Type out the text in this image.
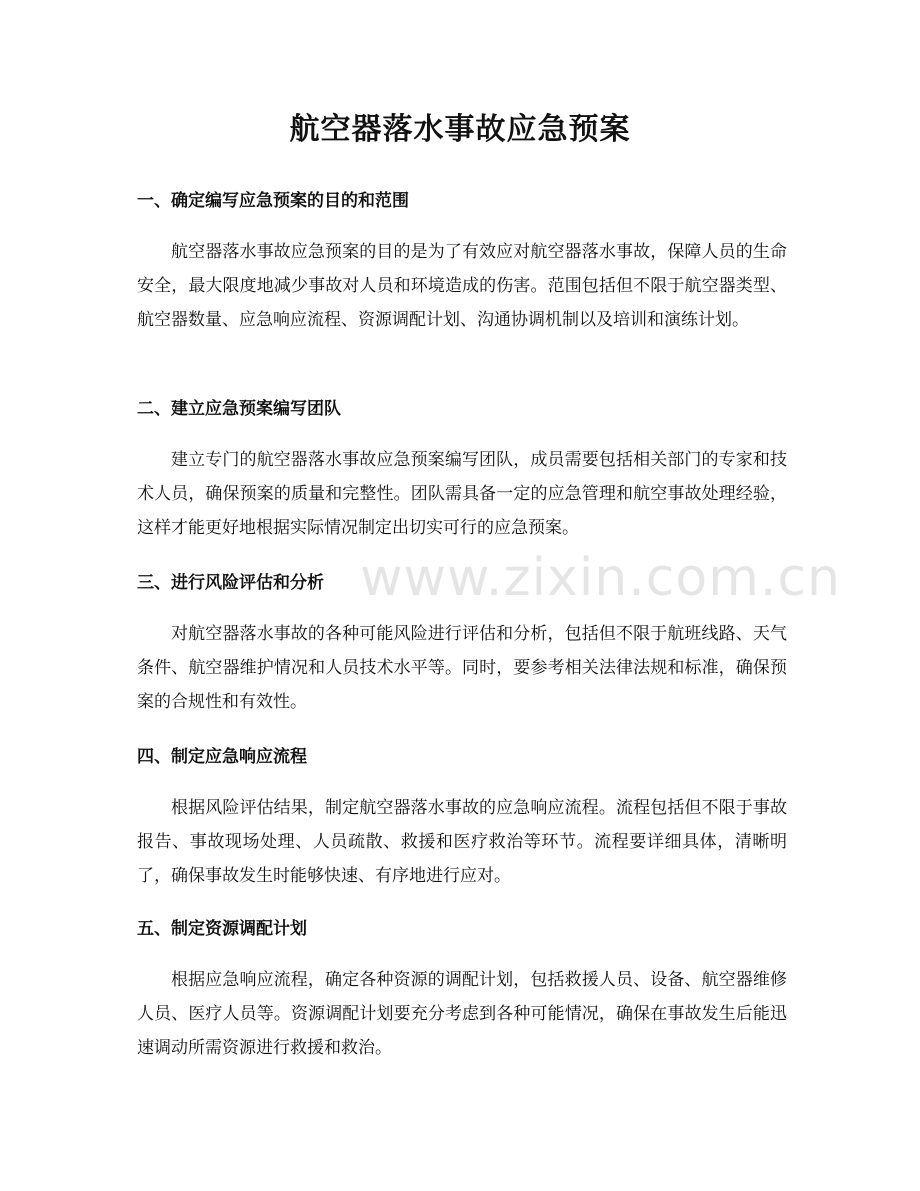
航空器落水事故应急预案
www.zixin.com.cn
一、确定编写应急预案的目的和范围

航空器落水事故应急预案的目的是为了有效应对航空器落水事故，保障人员的生命安全，最大限度地减少事故对人员和环境造成的伤害。范围包括但不限于航空器类型、航空器数量、应急响应流程、资源调配计划、沟通协调机制以及培训和演练计划。

二、建立应急预案编写团队

建立专门的航空器落水事故应急预案编写团队，成员需要包括相关部门的专家和技术人员，确保预案的质量和完整性。团队需具备一定的应急管理和航空事故处理经验，这样才能更好地根据实际情况制定出切实可行的应急预案。

三、进行风险评估和分析

对航空器落水事故的各种可能风险进行评估和分析，包括但不限于航班线路、天气条件、航空器维护情况和人员技术水平等。同时，要参考相关法律法规和标准，确保预案的合规性和有效性。

四、制定应急响应流程

根据风险评估结果，制定航空器落水事故的应急响应流程。流程包括但不限于事故报告、事故现场处理、人员疏散、救援和医疗救治等环节。流程要详细具体，清晰明了，确保事故发生时能够快速、有序地进行应对。

五、制定资源调配计划

根据应急响应流程，确定各种资源的调配计划，包括救援人员、设备、航空器维修人员、医疗人员等。资源调配计划要充分考虑到各种可能情况，确保在事故发生后能迅速调动所需资源进行救援和救治。
